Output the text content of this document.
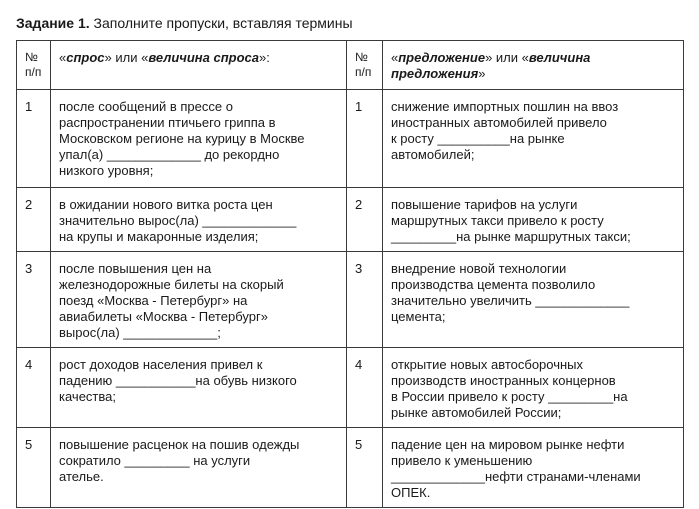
Задание 1. Заполните пропуски, вставляя термины
№
п/п	«спрос» или «величина спроса»:	№
п/п	«предложение» или «величина предложения»
1	после сообщений в прессе о
распространении птичьего гриппа в
Московском регионе на курицу в Москве
упал(а) _____________ до рекордно
низкого уровня;	1	снижение импортных пошлин на ввоз
иностранных автомобилей привело
к росту __________на рынке
автомобилей;

2	в ожидании нового витка роста цен
значительно вырос(ла) _____________
на крупы и макаронные изделия;	2	повышение тарифов на услуги
маршрутных такси привело к росту
_________на рынке маршрутных такси;

3	после повышения цен на
железнодорожные билеты на скорый
поезд «Москва - Петербург» на
авиабилеты «Москва - Петербург»
вырос(ла) _____________;	3	внедрение новой технологии
производства цемента позволило
значительно увеличить _____________
цемента;

4	рост доходов населения привел к
падению ___________на обувь низкого
качества;	4	открытие новых автосборочных
производств иностранных концернов
в России привело к росту _________на
рынке автомобилей России;

5	повышение расценок на пошив одежды
сократило _________ на услуги
ателье.	5	падение цен на мировом рынке нефти
привело к уменьшению
_____________нефти странами-членами
ОПЕК.
